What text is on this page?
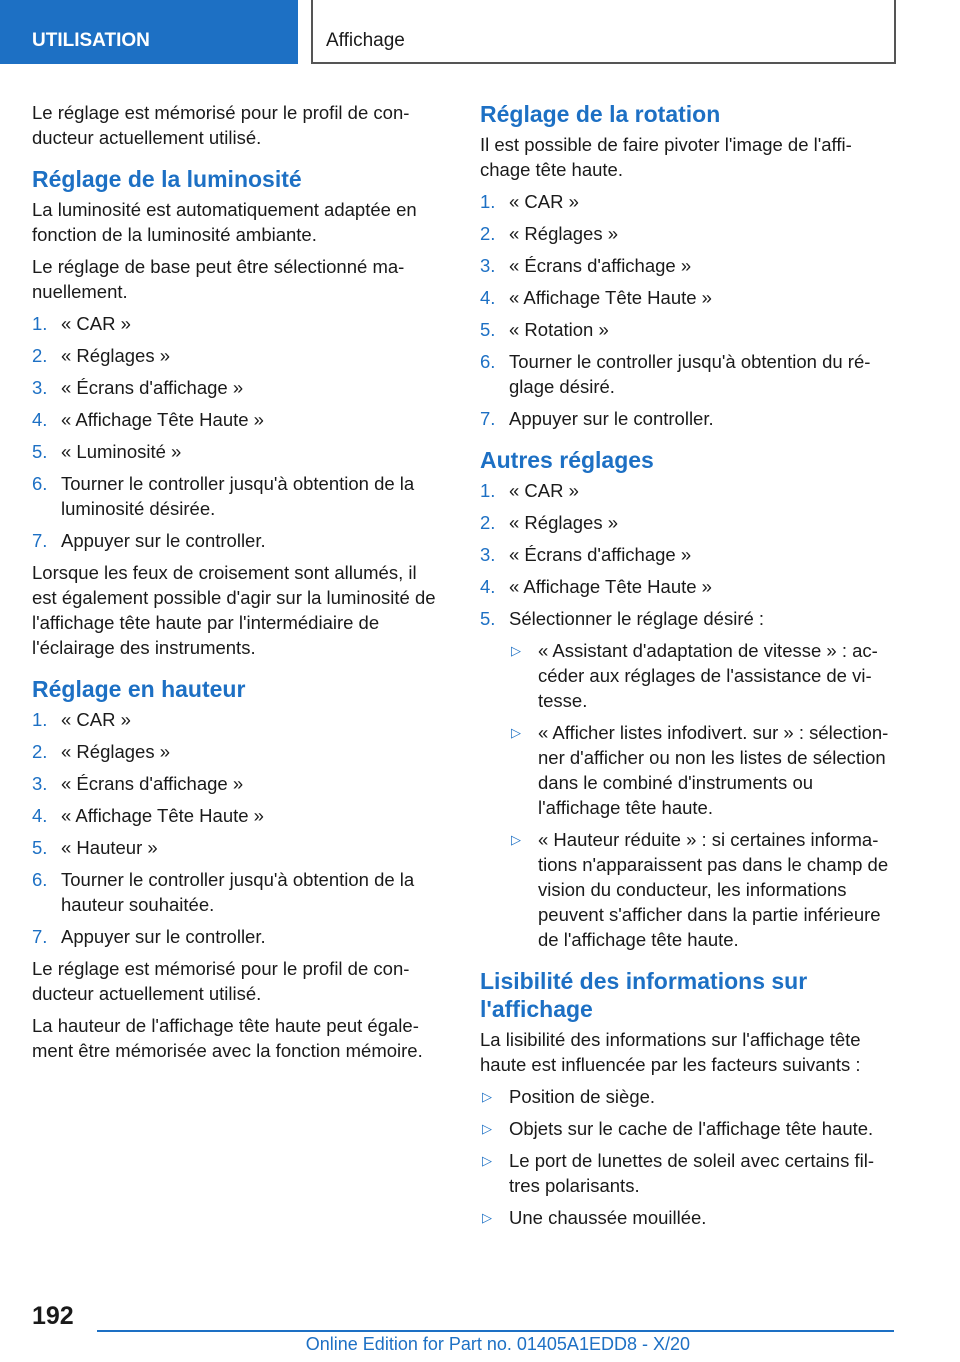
UTILISATION	Affichage

Le réglage est mémorisé pour le profil de conducteur actuellement utilisé.

Réglage de la luminosité

La luminosité est automatiquement adaptée en fonction de la luminosité ambiante.

Le réglage de base peut être sélectionné manuellement.

1. « CAR »
2. « Réglages »
3. « Écrans d'affichage »
4. « Affichage Tête Haute »
5. « Luminosité »
6. Tourner le controller jusqu'à obtention de la luminosité désirée.
7. Appuyer sur le controller.

Lorsque les feux de croisement sont allumés, il est également possible d'agir sur la luminosité de l'affichage tête haute par l'intermédiaire de l'éclairage des instruments.

Réglage en hauteur
1. « CAR »
2. « Réglages »
3. « Écrans d'affichage »
4. « Affichage Tête Haute »
5. « Hauteur »
6. Tourner le controller jusqu'à obtention de la hauteur souhaitée.
7. Appuyer sur le controller.

Le réglage est mémorisé pour le profil de conducteur actuellement utilisé.

La hauteur de l'affichage tête haute peut également être mémorisée avec la fonction mémoire.

Réglage de la rotation

Il est possible de faire pivoter l'image de l'affichage tête haute.

1. « CAR »
2. « Réglages »
3. « Écrans d'affichage »
4. « Affichage Tête Haute »
5. « Rotation »
6. Tourner le controller jusqu'à obtention du réglage désiré.
7. Appuyer sur le controller.
Autres réglages
1. « CAR »
2. « Réglages »
3. « Écrans d'affichage »
4. « Affichage Tête Haute »
5. Sélectionner le réglage désiré :
▷ « Assistant d'adaptation de vitesse » : accéder aux réglages de l'assistance de vitesse.
▷ « Afficher listes infodivert. sur » : sélectionner d'afficher ou non les listes de sélection dans le combiné d'instruments ou l'affichage tête haute.
▷ « Hauteur réduite » : si certaines informations n'apparaissent pas dans le champ de vision du conducteur, les informations peuvent s'afficher dans la partie inférieure de l'affichage tête haute.
Lisibilité des informations sur l'affichage

La lisibilité des informations sur l'affichage tête haute est influencée par les facteurs suivants :

▷ Position de siège.
▷ Objets sur le cache de l'affichage tête haute.
▷ Le port de lunettes de soleil avec certains filtres polarisants.
▷ Une chaussée mouillée.
192
Online Edition for Part no. 01405A1EDD8 - X/20
